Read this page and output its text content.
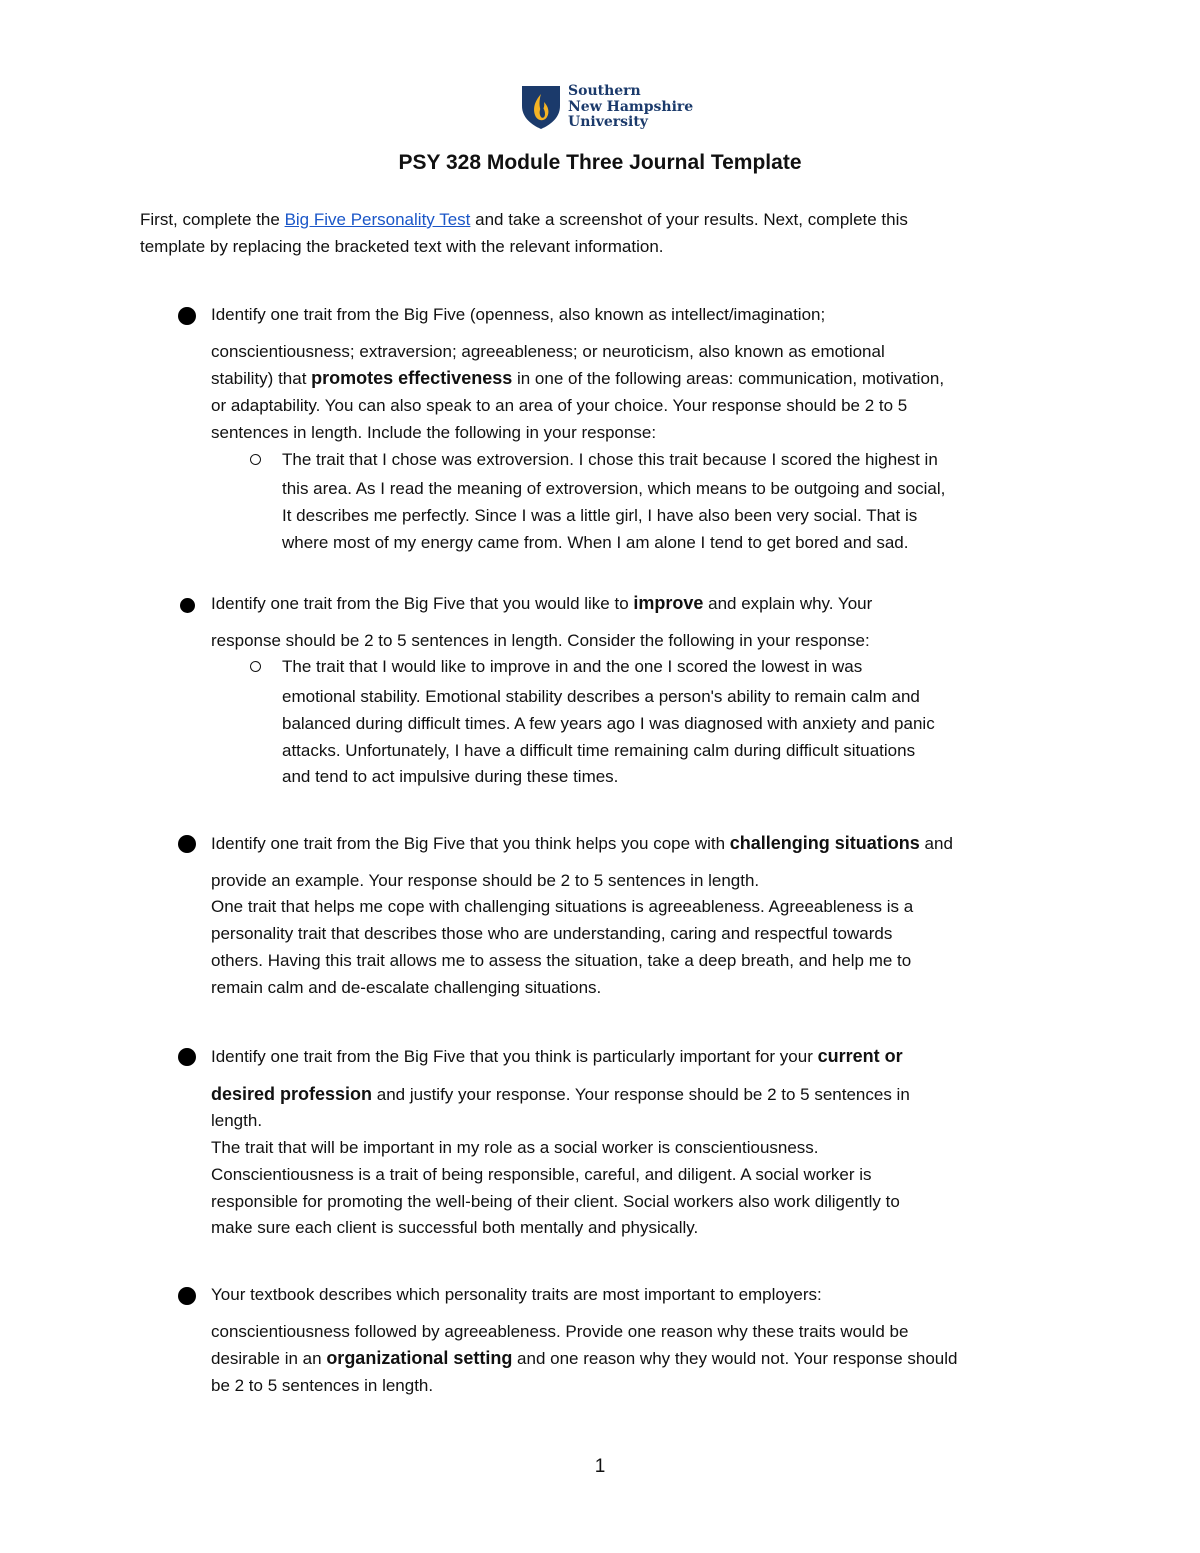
Southern
New Hampshire
University
PSY 328 Module Three Journal Template
First, complete the Big Five Personality Test and take a screenshot of your results. Next, complete this
template by replacing the bracketed text with the relevant information.
Identify one trait from the Big Five (openness, also known as intellect/imagination;
conscientiousness; extraversion; agreeableness; or neuroticism, also known as emotional
stability) that promotes effectiveness in one of the following areas: communication, motivation,
or adaptability. You can also speak to an area of your choice. Your response should be 2 to 5
sentences in length. Include the following in your response:
The trait that I chose was extroversion. I chose this trait because I scored the highest in
this area. As I read the meaning of extroversion, which means to be outgoing and social,
It describes me perfectly. Since I was a little girl, I have also been very social. That is
where most of my energy came from. When I am alone I tend to get bored and sad.
Identify one trait from the Big Five that you would like to improve and explain why. Your
response should be 2 to 5 sentences in length. Consider the following in your response:
The trait that I would like to improve in and the one I scored the lowest in was
emotional stability. Emotional stability describes a person's ability to remain calm and
balanced during difficult times. A few years ago I was diagnosed with anxiety and panic
attacks. Unfortunately, I have a difficult time remaining calm during difficult situations
and tend to act impulsive during these times.
Identify one trait from the Big Five that you think helps you cope with challenging situations and
provide an example. Your response should be 2 to 5 sentences in length.
One trait that helps me cope with challenging situations is agreeableness. Agreeableness is a
personality trait that describes those who are understanding, caring and respectful towards
others. Having this trait allows me to assess the situation, take a deep breath, and help me to
remain calm and de-escalate challenging situations.
Identify one trait from the Big Five that you think is particularly important for your current or
desired profession and justify your response. Your response should be 2 to 5 sentences in
length.
The trait that will be important in my role as a social worker is conscientiousness.
Conscientiousness is a trait of being responsible, careful, and diligent. A social worker is
responsible for promoting the well-being of their client. Social workers also work diligently to
make sure each client is successful both mentally and physically.
Your textbook describes which personality traits are most important to employers:
conscientiousness followed by agreeableness. Provide one reason why these traits would be
desirable in an organizational setting and one reason why they would not. Your response should
be 2 to 5 sentences in length.
1
